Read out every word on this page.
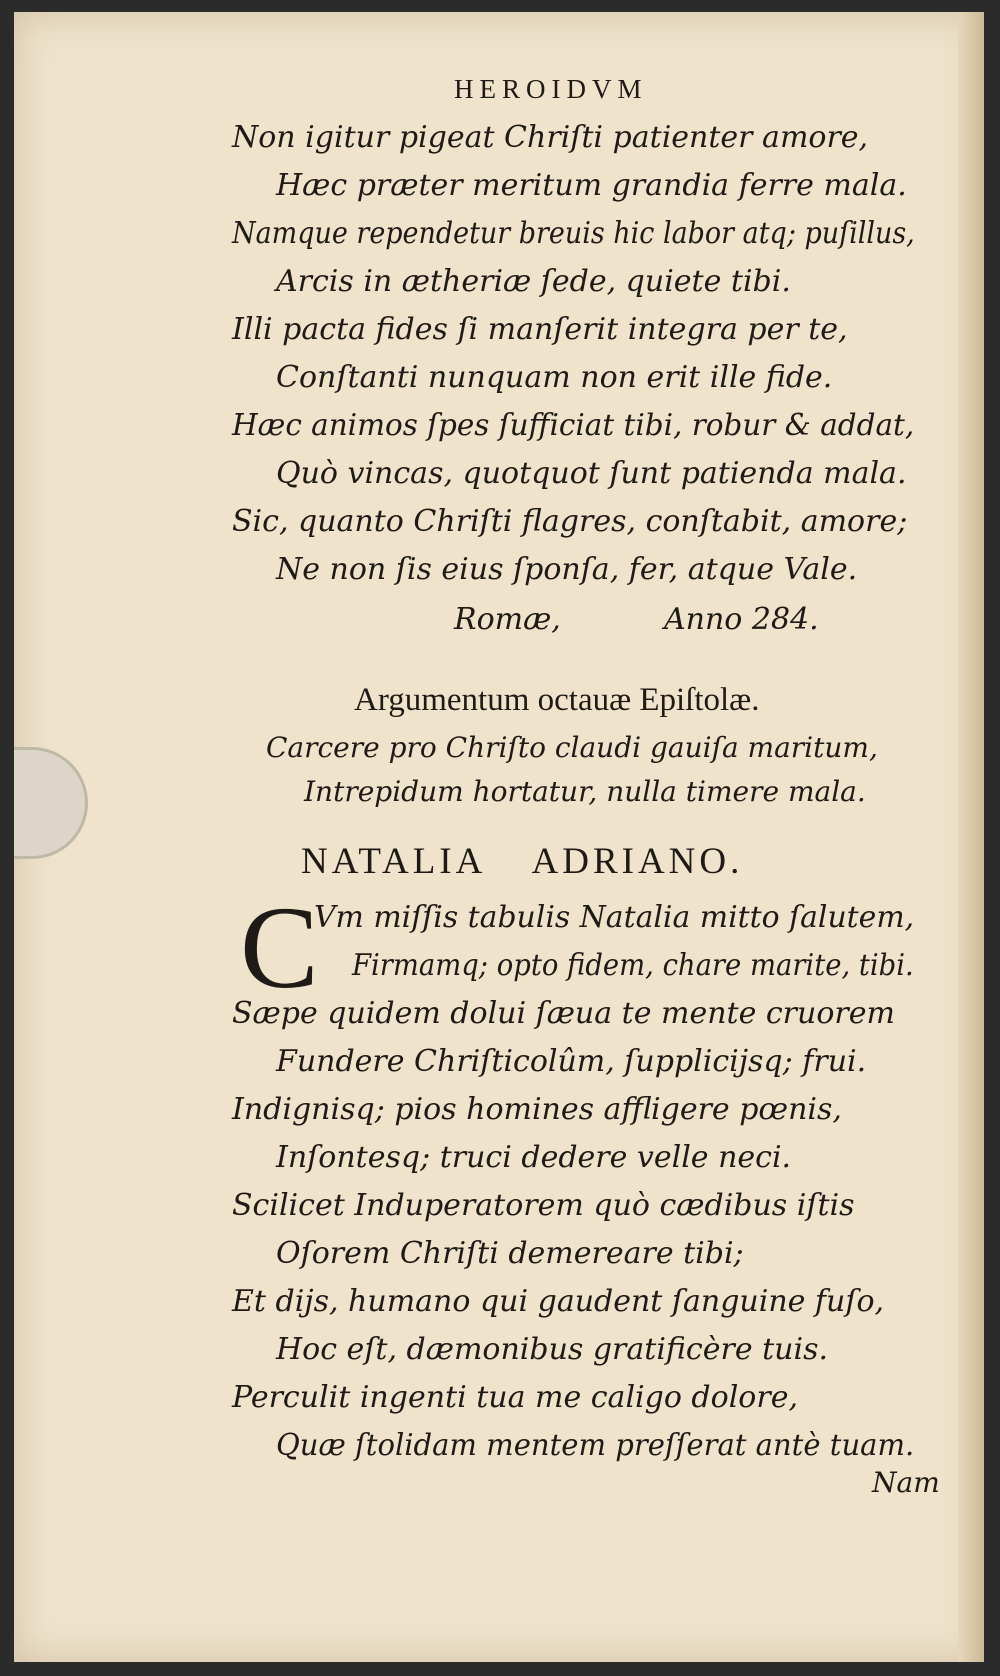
HEROIDVM
Non igitur pigeat Chriſti patienter amore,
Hæc præter meritum grandia ferre mala.
Namque rependetur breuis hic labor atq; puſillus,
Arcis in ætheriæ ſede, quiete tibi.
Illi pacta fides ſi manſerit integra per te,
Conſtanti nunquam non erit ille fide.
Hæc animos ſpes ſufficiat tibi, robur & addat,
Quò vincas, quotquot ſunt patienda mala.
Sic, quanto Chriſti flagres, conſtabit, amore;
Ne non ſis eius ſponſa, fer, atque Vale.
Romæ,	Anno 284.
Argumentum octauæ Epiſtolæ.
Carcere pro Chriſto claudi gauiſa maritum,
Intrepidum hortatur, nulla timere mala.
NATALIA ADRIANO.
C
Vm miſſis tabulis Natalia mitto ſalutem,
Firmamq; opto fidem, chare marite, tibi.
Sæpe quidem dolui ſæua te mente cruorem
Fundere Chriſticolûm, ſupplicijsq; frui.
Indignisq; pios homines affligere pœnis,
Inſontesq; truci dedere velle neci.
Scilicet Induperatorem quò cædibus iſtis
Oſorem Chriſti demereare tibi;
Et dijs, humano qui gaudent ſanguine fuſo,
Hoc eſt, dæmonibus gratificère tuis.
Perculit ingenti tua me caligo dolore,
Quæ ſtolidam mentem preſſerat antè tuam.
Nam
